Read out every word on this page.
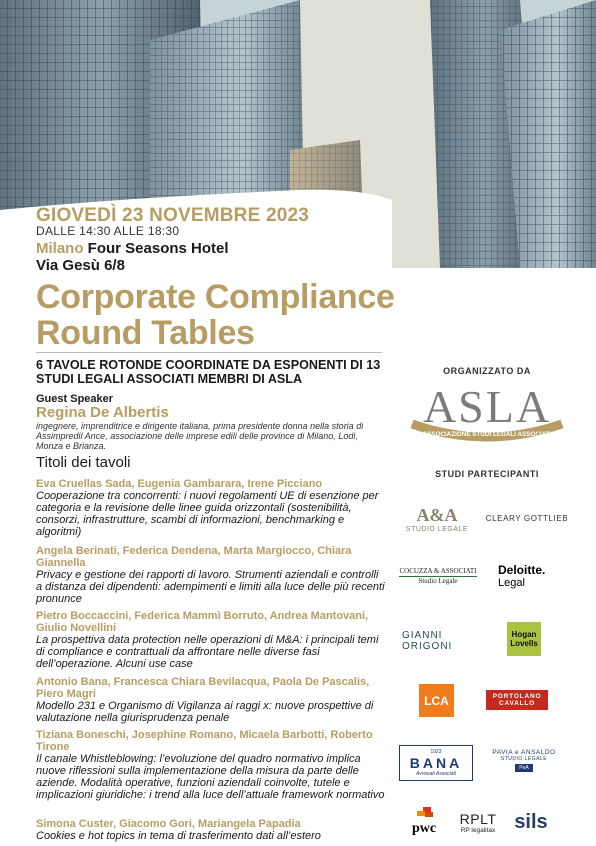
GIOVEDÌ 23 NOVEMBRE 2023
DALLE 14:30 ALLE 18:30
Milano Four Seasons Hotel
Via Gesù 6/8
Corporate Compliance
Round Tables
6 TAVOLE ROTONDE COORDINATE DA ESPONENTI DI 13 STUDI LEGALI ASSOCIATI MEMBRI DI ASLA
Guest Speaker
Regina De Albertis
ingegnere, imprenditrice e dirigente italiana, prima presidente donna nella storia di Assimpredil Ance, associazione delle imprese edili delle province di Milano, Lodi, Monza e Brianza.
Titoli dei tavoli
Eva Cruellas Sada, Eugenia Gambarara, Irene Picciano
Cooperazione tra concorrenti: i nuovi regolamenti UE di esenzione per categoria e la revisione delle linee guida orizzontali (sostenibilità, consorzi, infrastrutture, scambi di informazioni, benchmarking e algoritmi)
Angela Berinati, Federica Dendena, Marta Margiocco, Chiara Giannella
Privacy e gestione dei rapporti di lavoro. Strumenti aziendali e controlli a distanza dei dipendenti: adempimenti e limiti alla luce delle più recenti pronunce
Pietro Boccaccini, Federica Mammì Borruto, Andrea Mantovani, Giulio Novellini
La prospettiva data protection nelle operazioni di M&A: i principali temi di compliance e contrattuali da affrontare nelle diverse fasi dell’operazione. Alcuni use case
Antonio Bana, Francesca Chiara Bevilacqua, Paola De Pascalis, Piero Magri
Modello 231 e Organismo di Vigilanza ai raggi x: nuove prospettive di valutazione nella giurisprudenza penale
Tiziana Boneschi, Josephine Romano, Micaela Barbotti, Roberto Tirone
Il canale Whistleblowing: l’evoluzione del quadro normativo implica nuove riflessioni sulla implementazione della misura da parte delle aziende. Modalità operative, funzioni aziendali coinvolte, tutele e implicazioni giuridiche: i trend alla luce dell’attuale framework normativo
Simona Custer, Giacomo Gori, Mariangela Papadia
Cookies e hot topics in tema di trasferimento dati all’estero
ORGANIZZATO DA
ASLA
ASSOCIAZIONE STUDI LEGALI ASSOCIATI
STUDI PARTECIPANTI
A&A
STUDIO LEGALE
CLEARY GOTTLIEB
COCUZZA & ASSOCIATI
Studio Legale
Deloitte.
Legal
GIANNI
ORIGONI
Hogan
Lovells
LCA	PORTOLANO
CAVALLO
1923
BANA
Avvocati Associati
PAVIA e ANSALDO
STUDIO LEGALE
PeA
pwc
RPLT
RP legalitax sils
